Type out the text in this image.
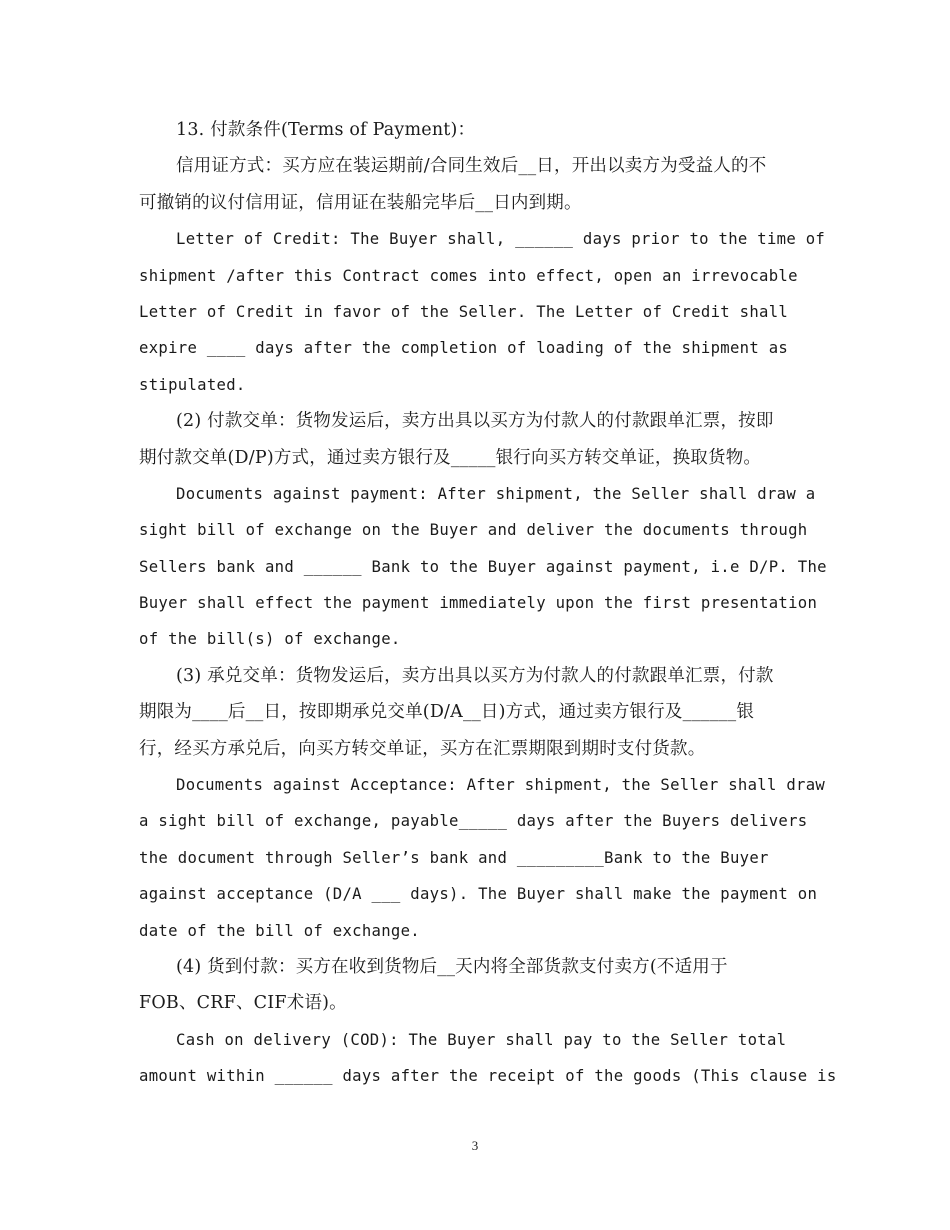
13. 付款条件(Terms of Payment)：
信用证方式：买方应在装运期前/合同生效后__日，开出以卖方为受益人的不
可撤销的议付信用证，信用证在装船完毕后__日内到期。
Letter of Credit: The Buyer shall, ______ days prior to the time of
shipment /after this Contract comes into effect, open an irrevocable
Letter of Credit in favor of the Seller. The Letter of Credit shall
expire ____ days after the completion of loading of the shipment as
stipulated.
(2) 付款交单：货物发运后，卖方出具以买方为付款人的付款跟单汇票，按即
期付款交单(D/P)方式，通过卖方银行及_____银行向买方转交单证，换取货物。
Documents against payment: After shipment, the Seller shall draw a
sight bill of exchange on the Buyer and deliver the documents through
Sellers bank and ______ Bank to the Buyer against payment, i.e D/P. The
Buyer shall effect the payment immediately upon the first presentation
of the bill(s) of exchange.
(3) 承兑交单：货物发运后，卖方出具以买方为付款人的付款跟单汇票，付款
期限为____后__日，按即期承兑交单(D/A__日)方式，通过卖方银行及______银
行，经买方承兑后，向买方转交单证，买方在汇票期限到期时支付货款。
Documents against Acceptance: After shipment, the Seller shall draw
a sight bill of exchange, payable_____ days after the Buyers delivers
the document through Seller’s bank and _________Bank to the Buyer
against acceptance (D/A ___ days). The Buyer shall make the payment on
date of the bill of exchange.
(4) 货到付款：买方在收到货物后__天内将全部货款支付卖方(不适用于
FOB、CRF、CIF术语)。
Cash on delivery (COD): The Buyer shall pay to the Seller total
amount within ______ days after the receipt of the goods (This clause is
3
